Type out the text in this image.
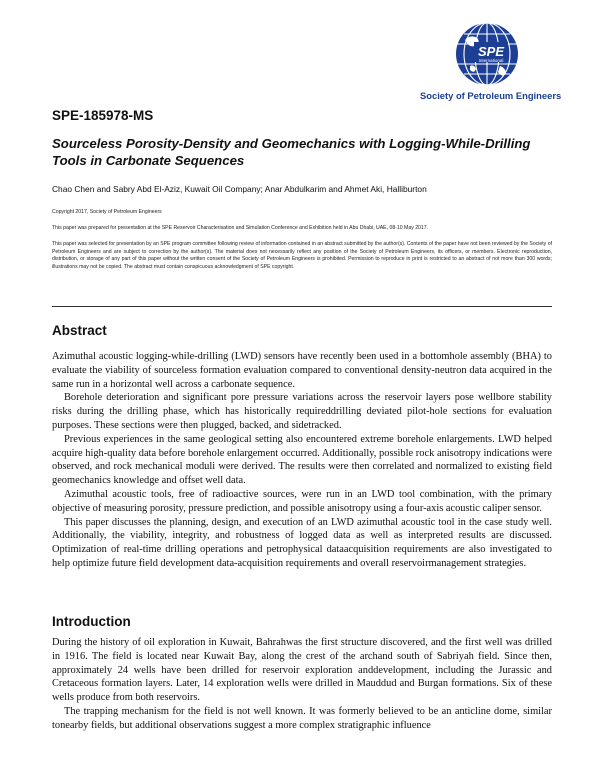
SPE
International
Society of Petroleum Engineers
SPE-185978-MS
Sourceless Porosity-Density and Geomechanics with Logging-While-Drilling Tools in Carbonate Sequences
Chao Chen and Sabry Abd El-Aziz, Kuwait Oil Company; Anar Abdulkarim and Ahmet Aki, Halliburton
Copyright 2017, Society of Petroleum Engineers
This paper was prepared for presentation at the SPE Reservoir Characterisation and Simulation Conference and Exhibition held in Abu Dhabi, UAE, 08-10 May 2017.
This paper was selected for presentation by an SPE program committee following review of information contained in an abstract submitted by the author(s). Contents of the paper have not been reviewed by the Society of Petroleum Engineers and are subject to correction by the author(s). The material does not necessarily reflect any position of the Society of Petroleum Engineers, its officers, or members. Electronic reproduction, distribution, or storage of any part of this paper without the written consent of the Society of Petroleum Engineers is prohibited. Permission to reproduce in print is restricted to an abstract of not more than 300 words; illustrations may not be copied. The abstract must contain conspicuous acknowledgment of SPE copyright.
Abstract

Azimuthal acoustic logging-while-drilling (LWD) sensors have recently been used in a bottomhole assembly (BHA) to evaluate the viability of sourceless formation evaluation compared to conventional density-neutron data acquired in the same run in a horizontal well across a carbonate sequence.

Borehole deterioration and significant pore pressure variations across the reservoir layers pose wellbore stability risks during the drilling phase, which has historically requireddrilling deviated pilot-hole sections for evaluation purposes. These sections were then plugged, backed, and sidetracked.

Previous experiences in the same geological setting also encountered extreme borehole enlargements. LWD helped acquire high-quality data before borehole enlargement occurred. Additionally, possible rock anisotropy indications were observed, and rock mechanical moduli were derived. The results were then correlated and normalized to existing field geomechanics knowledge and offset well data.

Azimuthal acoustic tools, free of radioactive sources, were run in an LWD tool combination, with the primary objective of measuring porosity, pressure prediction, and possible anisotropy using a four-axis acoustic caliper sensor.

This paper discusses the planning, design, and execution of an LWD azimuthal acoustic tool in the case study well. Additionally, the viability, integrity, and robustness of logged data as well as interpreted results are discussed. Optimization of real-time drilling operations and petrophysical dataacquisition requirements are also investigated to help optimize future field development data-acquisition requirements and overall reservoirmanagement strategies.

Introduction

During the history of oil exploration in Kuwait, Bahrahwas the first structure discovered, and the first well was drilled in 1916. The field is located near Kuwait Bay, along the crest of the archand south of Sabriyah field. Since then, approximately 24 wells have been drilled for reservoir exploration anddevelopment, including the Jurassic and Cretaceous formation layers. Later, 14 exploration wells were drilled in Mauddud and Burgan formations. Six of these wells produce from both reservoirs.

The trapping mechanism for the field is not well known. It was formerly believed to be an anticline dome, similar tonearby fields, but additional observations suggest a more complex stratigraphic influence
